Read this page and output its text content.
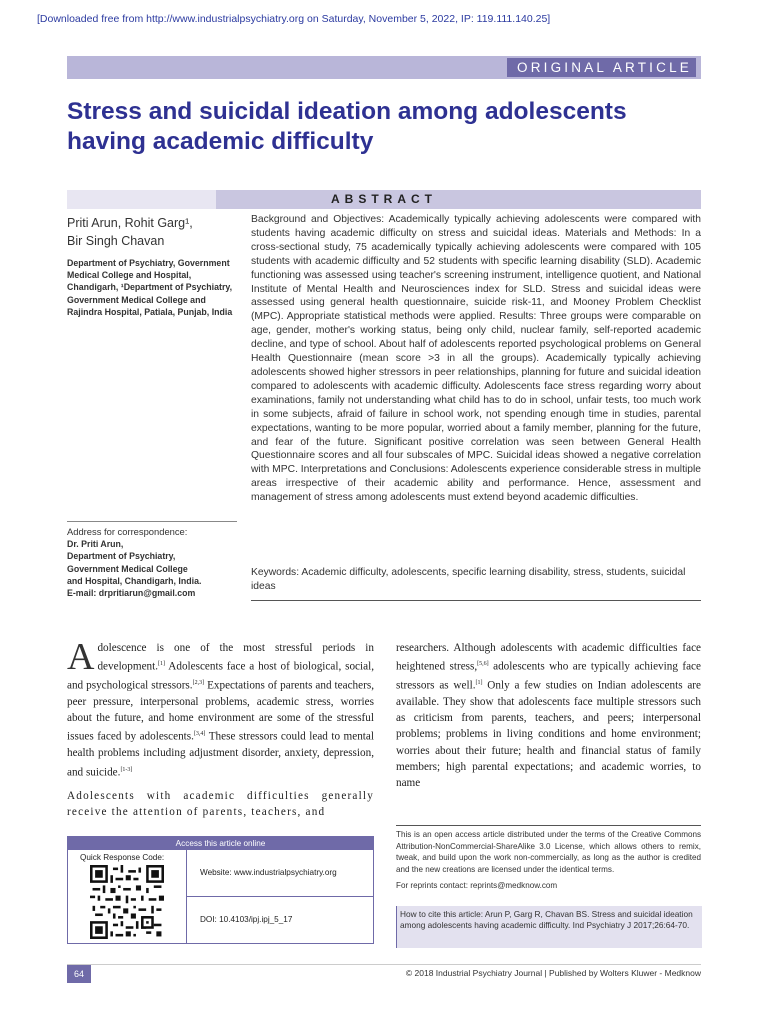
[Downloaded free from http://www.industrialpsychiatry.org on Saturday, November 5, 2022, IP: 119.111.140.25]
ORIGINAL ARTICLE
Stress and suicidal ideation among adolescents having academic difficulty
ABSTRACT
Priti Arun, Rohit Garg¹,
Bir Singh Chavan
Department of Psychiatry, Government Medical College and Hospital, Chandigarh, ¹Department of Psychiatry, Government Medical College and Rajindra Hospital, Patiala, Punjab, India
Address for correspondence:
Dr. Priti Arun,
Department of Psychiatry,
Government Medical College
and Hospital, Chandigarh, India.
E-mail: drpritiarun@gmail.com
Background and Objectives: Academically typically achieving adolescents were compared with students having academic difficulty on stress and suicidal ideas. Materials and Methods: In a cross-sectional study, 75 academically typically achieving adolescents were compared with 105 students with academic difficulty and 52 students with specific learning disability (SLD). Academic functioning was assessed using teacher's screening instrument, intelligence quotient, and National Institute of Mental Health and Neurosciences index for SLD. Stress and suicidal ideas were assessed using general health questionnaire, suicide risk-11, and Mooney Problem Checklist (MPC). Appropriate statistical methods were applied. Results: Three groups were comparable on age, gender, mother's working status, being only child, nuclear family, self-reported academic decline, and type of school. About half of adolescents reported psychological problems on General Health Questionnaire (mean score >3 in all the groups). Academically typically achieving adolescents showed higher stressors in peer relationships, planning for future and suicidal ideation compared to adolescents with academic difficulty. Adolescents face stress regarding worry about examinations, family not understanding what child has to do in school, unfair tests, too much work in some subjects, afraid of failure in school work, not spending enough time in studies, parental expectations, wanting to be more popular, worried about a family member, planning for the future, and fear of the future. Significant positive correlation was seen between General Health Questionnaire scores and all four subscales of MPC. Suicidal ideas showed a negative correlation with MPC. Interpretations and Conclusions: Adolescents experience considerable stress in multiple areas irrespective of their academic ability and performance. Hence, assessment and management of stress among adolescents must extend beyond academic difficulties.
Keywords: Academic difficulty, adolescents, specific learning disability, stress, students, suicidal ideas
Adolescence is one of the most stressful periods in development.[1] Adolescents face a host of biological, social, and psychological stressors.[2,3] Expectations of parents and teachers, peer pressure, interpersonal problems, academic stress, worries about the future, and home environment are some of the stressful issues faced by adolescents.[3,4] These stressors could lead to mental health problems including adjustment disorder, anxiety, depression, and suicide.[1-3]
Adolescents with academic difficulties generally receive the attention of parents, teachers, and
researchers. Although adolescents with academic difficulties face heightened stress,[5,6] adolescents who are typically achieving face stressors as well.[1] Only a few studies on Indian adolescents are available. They show that adolescents face multiple stressors such as criticism from parents, teachers, and peers; interpersonal problems; problems in living conditions and home environment; worries about their future; health and financial status of family members; high parental expectations; and academic worries, to name
Access this article online
Quick Response Code:
Website: www.industrialpsychiatry.org
DOI: 10.4103/ipj.ipj_5_17
This is an open access article distributed under the terms of the Creative Commons Attribution-NonCommercial-ShareAlike 3.0 License, which allows others to remix, tweak, and build upon the work non-commercially, as long as the author is credited and the new creations are licensed under the identical terms.
For reprints contact: reprints@medknow.com
How to cite this article: Arun P, Garg R, Chavan BS. Stress and suicidal ideation among adolescents having academic difficulty. Ind Psychiatry J 2017;26:64-70.
64	© 2018 Industrial Psychiatry Journal | Published by Wolters Kluwer - Medknow
